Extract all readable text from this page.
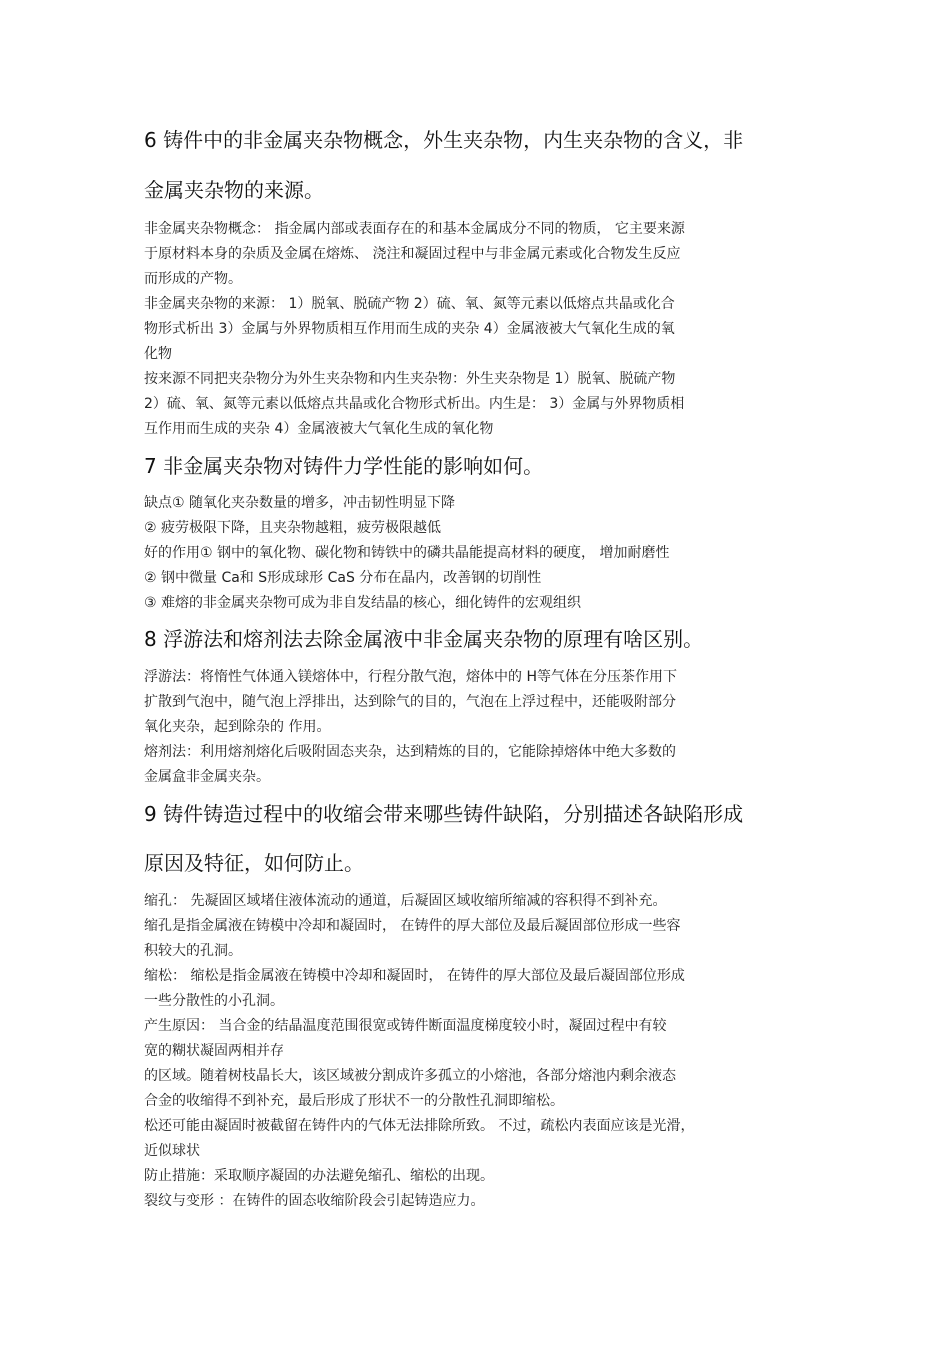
6 铸件中的非金属夹杂物概念，外生夹杂物，内生夹杂物的含义，非
金属夹杂物的来源。
非金属夹杂物概念： 指金属内部或表面存在的和基本金属成分不同的物质， 它主要来源
于原材料本身的杂质及金属在熔炼、 浇注和凝固过程中与非金属元素或化合物发生反应
而形成的产物。
非金属夹杂物的来源： 1）脱氧、脱硫产物 2）硫、氧、氮等元素以低熔点共晶或化合
物形式析出 3）金属与外界物质相互作用而生成的夹杂 4）金属液被大气氧化生成的氧
化物
按来源不同把夹杂物分为外生夹杂物和内生夹杂物：外生夹杂物是 1）脱氧、脱硫产物
2）硫、氧、氮等元素以低熔点共晶或化合物形式析出。内生是： 3）金属与外界物质相
互作用而生成的夹杂 4）金属液被大气氧化生成的氧化物
7 非金属夹杂物对铸件力学性能的影响如何。
缺点① 随氧化夹杂数量的增多，冲击韧性明显下降
② 疲劳极限下降，且夹杂物越粗，疲劳极限越低
好的作用① 钢中的氧化物、碳化物和铸铁中的磷共晶能提高材料的硬度， 增加耐磨性
② 钢中微量 Ca和 S形成球形 CaS 分布在晶内，改善钢的切削性
③ 难熔的非金属夹杂物可成为非自发结晶的核心，细化铸件的宏观组织
8 浮游法和熔剂法去除金属液中非金属夹杂物的原理有啥区别。
浮游法：将惰性气体通入镁熔体中，行程分散气泡，熔体中的 H等气体在分压茶作用下
扩散到气泡中，随气泡上浮排出，达到除气的目的，气泡在上浮过程中，还能吸附部分
氧化夹杂，起到除杂的 作用。
熔剂法：利用熔剂熔化后吸附固态夹杂，达到精炼的目的，它能除掉熔体中绝大多数的
金属盒非金属夹杂。
9 铸件铸造过程中的收缩会带来哪些铸件缺陷，分别描述各缺陷形成
原因及特征，如何防止。
缩孔： 先凝固区域堵住液体流动的通道，后凝固区域收缩所缩减的容积得不到补充。
缩孔是指金属液在铸模中冷却和凝固时， 在铸件的厚大部位及最后凝固部位形成一些容
积较大的孔洞。
缩松： 缩松是指金属液在铸模中冷却和凝固时， 在铸件的厚大部位及最后凝固部位形成
一些分散性的小孔洞。
产生原因： 当合金的结晶温度范围很宽或铸件断面温度梯度较小时，凝固过程中有较
宽的糊状凝固两相并存
的区域。随着树枝晶长大，该区域被分割成许多孤立的小熔池，各部分熔池内剩余液态
合金的收缩得不到补充，最后形成了形状不一的分散性孔洞即缩松。
松还可能由凝固时被截留在铸件内的气体无法排除所致。 不过，疏松内表面应该是光滑，
近似球状
防止措施：采取顺序凝固的办法避免缩孔、缩松的出现。
裂纹与变形 ：在铸件的固态收缩阶段会引起铸造应力。
